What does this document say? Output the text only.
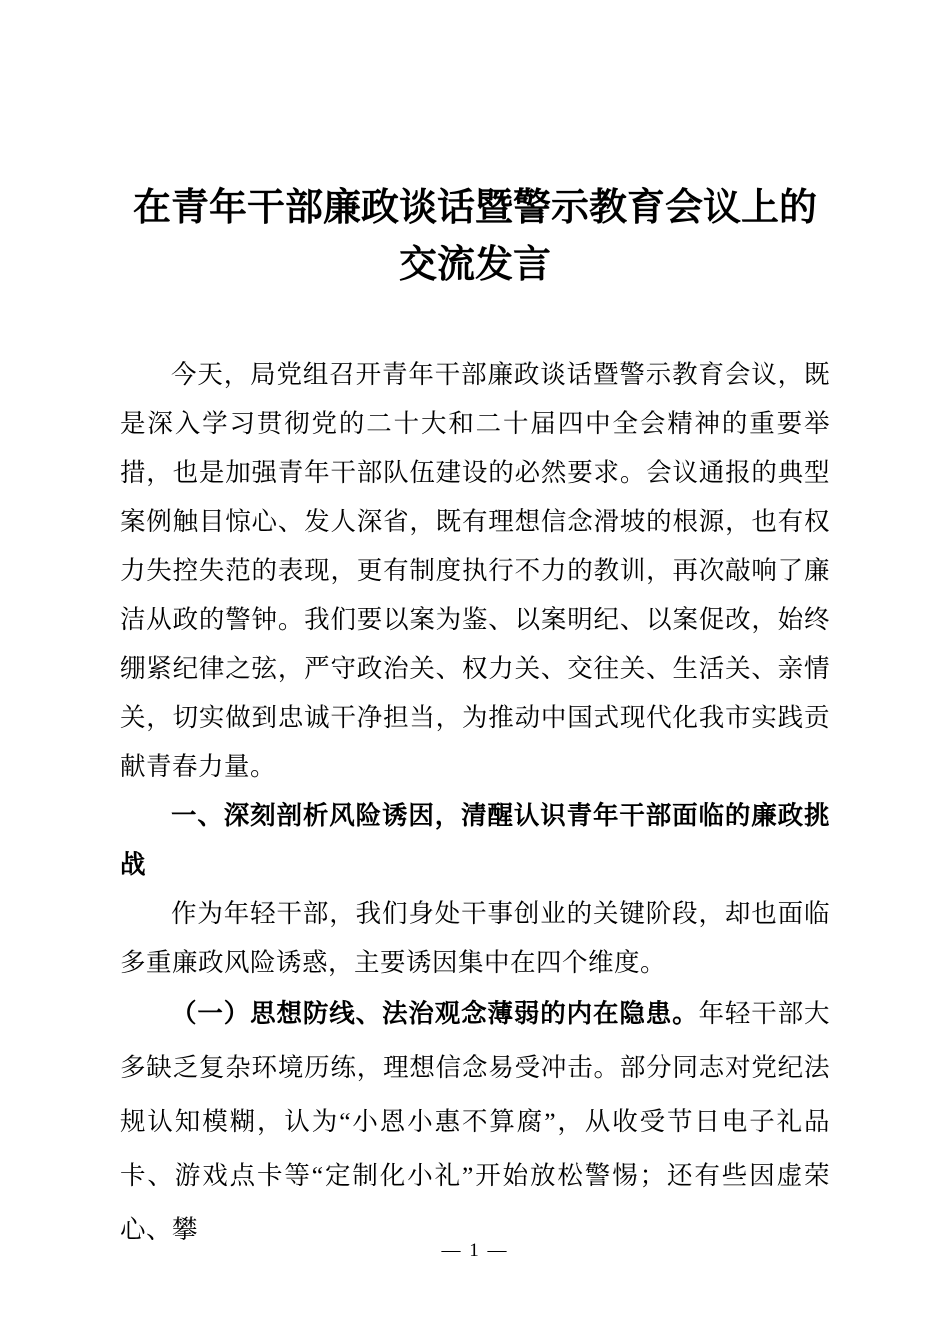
在青年干部廉政谈话暨警示教育会议上的交流发言

今天，局党组召开青年干部廉政谈话暨警示教育会议，既是深入学习贯彻党的二十大和二十届四中全会精神的重要举措，也是加强青年干部队伍建设的必然要求。会议通报的典型案例触目惊心、发人深省，既有理想信念滑坡的根源，也有权力失控失范的表现，更有制度执行不力的教训，再次敲响了廉洁从政的警钟。我们要以案为鉴、以案明纪、以案促改，始终绷紧纪律之弦，严守政治关、权力关、交往关、生活关、亲情关，切实做到忠诚干净担当，为推动中国式现代化我市实践贡献青春力量。

一、深刻剖析风险诱因，清醒认识青年干部面临的廉政挑战

作为年轻干部，我们身处干事创业的关键阶段，却也面临多重廉政风险诱惑，主要诱因集中在四个维度。

（一）思想防线、法治观念薄弱的内在隐患。年轻干部大多缺乏复杂环境历练，理想信念易受冲击。部分同志对党纪法规认知模糊，认为“小恩小惠不算腐”，从收受节日电子礼品卡、游戏点卡等“定制化小礼”开始放松警惕；还有些因虚荣心、攀

— 1 —
